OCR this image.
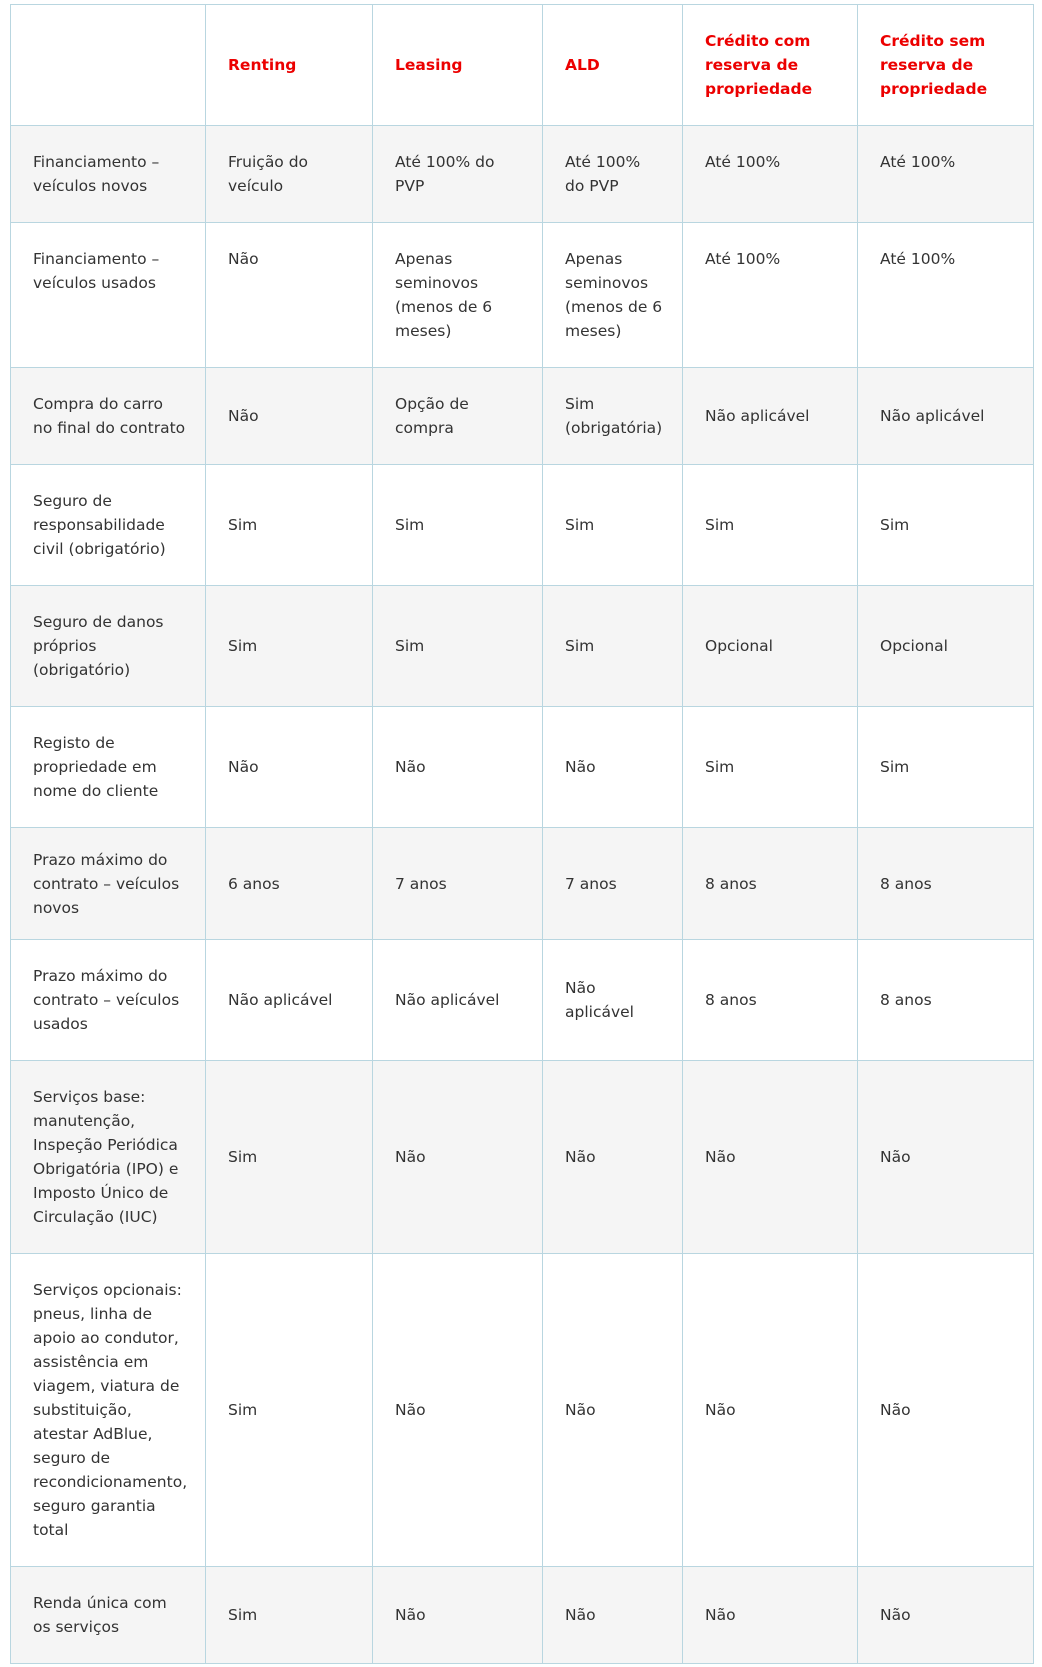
	Renting	Leasing	ALD	Crédito com reserva de propriedade	Crédito sem reserva de propriedade
Financiamento – veículos novos	Fruição do veículo	Até 100% do PVP	Até 100% do PVP	Até 100%	Até 100%
Financiamento – veículos usados	Não	Apenas seminovos (menos de 6 meses)	Apenas seminovos (menos de 6 meses)	Até 100%	Até 100%
Compra do carro no final do contrato	Não	Opção de compra	Sim (obrigatória)	Não aplicável	Não aplicável
Seguro de responsabilidade civil (obrigatório)	Sim	Sim	Sim	Sim	Sim
Seguro de danos próprios (obrigatório)	Sim	Sim	Sim	Opcional	Opcional
Registo de propriedade em nome do cliente	Não	Não	Não	Sim	Sim
Prazo máximo do contrato – veículos novos	6 anos	7 anos	7 anos	8 anos	8 anos
Prazo máximo do contrato – veículos usados	Não aplicável	Não aplicável	Não aplicável	8 anos	8 anos
Serviços base: manutenção, Inspeção Periódica Obrigatória (IPO) e Imposto Único de Circulação (IUC)	Sim	Não	Não	Não	Não
Serviços opcionais: pneus, linha de apoio ao condutor, assistência em viagem, viatura de substituição, atestar AdBlue, seguro de recondicionamento, seguro garantia total	Sim	Não	Não	Não	Não
Renda única com os serviços	Sim	Não	Não	Não	Não
